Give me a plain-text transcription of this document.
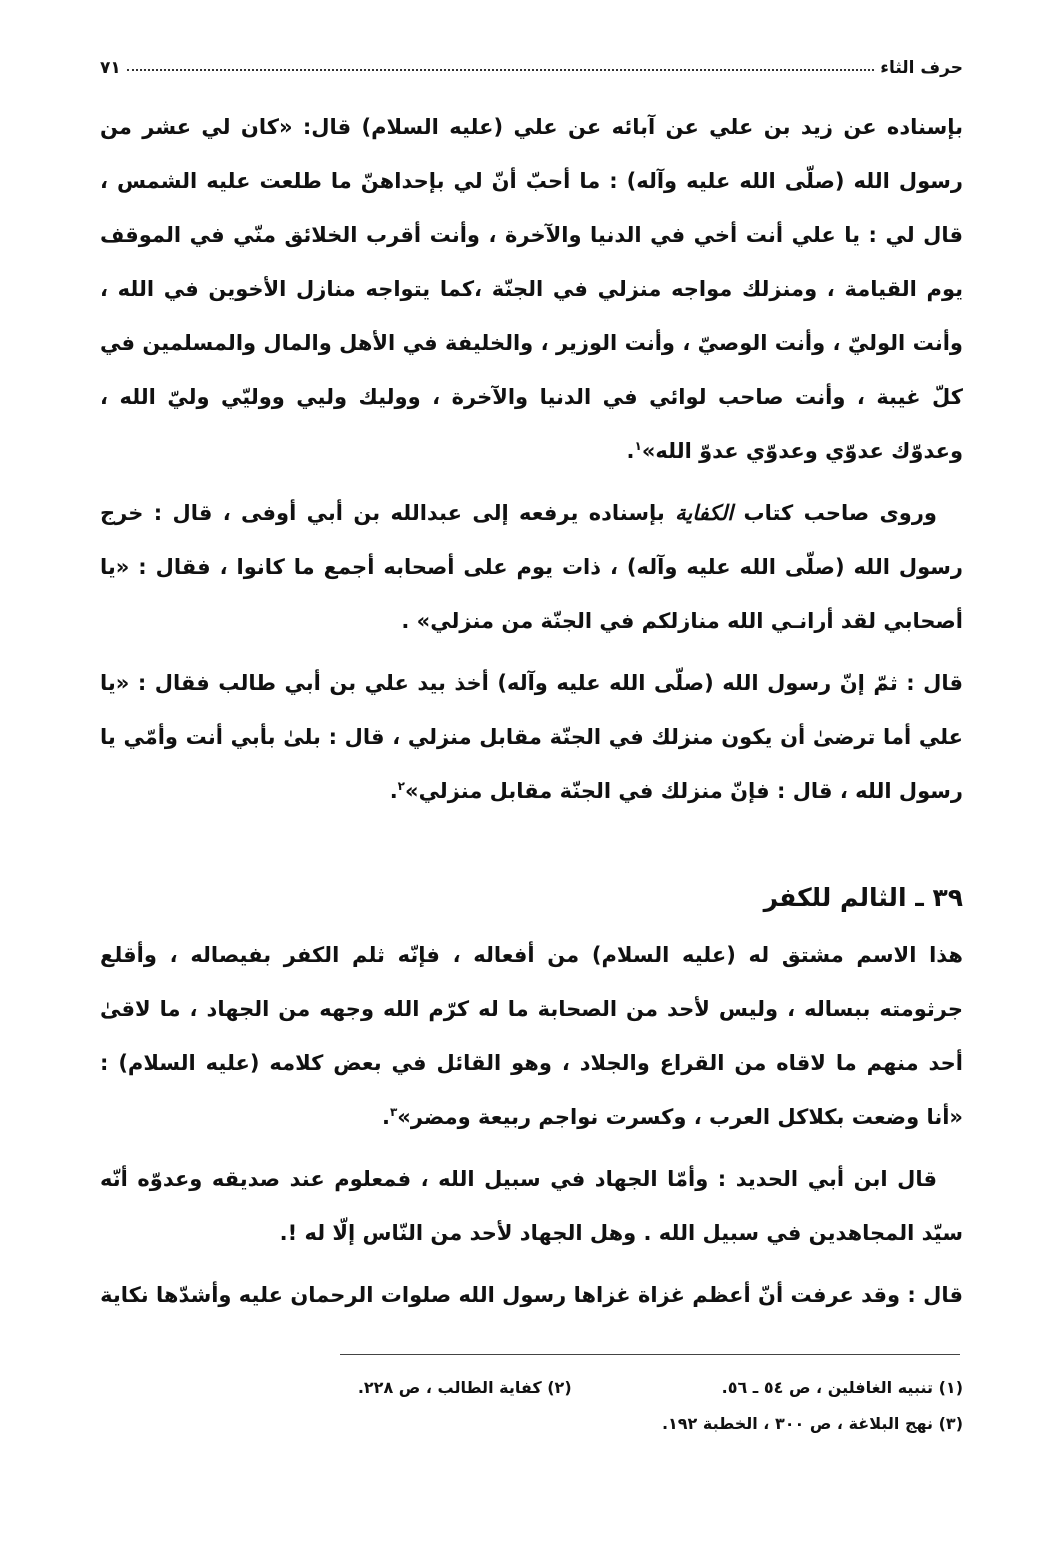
حرف الثاء
٧١

بإسناده عن زيد بن علي عن آبائه عن علي (عليه السلام) قال: «كان لي عشر من رسول الله (صلّى الله عليه وآله) : ما أحبّ أنّ لي بإحداهنّ ما طلعت عليه الشمس ، قال لي : يا علي أنت أخي في الدنيا والآخرة ، وأنت أقرب الخلائق منّي في الموقف يوم القيامة ، ومنزلك مواجه منزلي في الجنّة ،كما يتواجه منازل الأخوين في الله ، وأنت الوليّ ، وأنت الوصيّ ، وأنت الوزير ، والخليفة في الأهل والمال والمسلمين في كلّ غيبة ، وأنت صاحب لوائي في الدنيا والآخرة ، ووليك وليي ووليّي وليّ الله ، وعدوّك عدوّي وعدوّي عدوّ الله»$^١$.

وروى صاحب كتاب الكفاية بإسناده يرفعه إلى عبدالله بن أبي أوفى ، قال : خرج رسول الله (صلّى الله عليه وآله) ، ذات يوم على أصحابه أجمع ما كانوا ، فقال : «يا أصحابي لقد أرانـي الله منازلكم في الجنّة من منزلي» .

قال : ثمّ إنّ رسول الله (صلّى الله عليه وآله) أخذ بيد علي بن أبي طالب فقال : «يا علي أما ترضىٰ أن يكون منزلك في الجنّة مقابل منزلي ، قال : بلىٰ بأبي أنت وأمّي يا رسول الله ، قال : فإنّ منزلك في الجنّة مقابل منزلي»$^٢$.

٣٩ ـ الثالم للكفر

هذا الاسم مشتق له (عليه السلام) من أفعاله ، فإنّه ثلم الكفر بفيصاله ، وأقلع جرثومته ببساله ، وليس لأحد من الصحابة ما له كرّم الله وجهه من الجهاد ، ما لاقىٰ أحد منهم ما لاقاه من القراع والجلاد ، وهو القائل في بعض كلامه (عليه السلام) : «أنا وضعت بكلاكل العرب ، وكسرت نواجم ربيعة ومضر»$^٣$.

قال ابن أبي الحديد : وأمّا الجهاد في سبيل الله ، فمعلوم عند صديقه وعدوّه أنّه سيّد المجاهدين في سبيل الله . وهل الجهاد لأحد من النّاس إلّا له !.

قال : وقد عرفت أنّ أعظم غزاة غزاها رسول الله صلوات الرحمان عليه وأشدّها نكاية

(١) تنبيه الغافلين ، ص ٥٤ ـ ٥٦.
(٢) كفاية الطالب ، ص ٢٢٨.
(٣) نهج البلاغة ، ص ٣٠٠ ، الخطبة ١٩٢.
